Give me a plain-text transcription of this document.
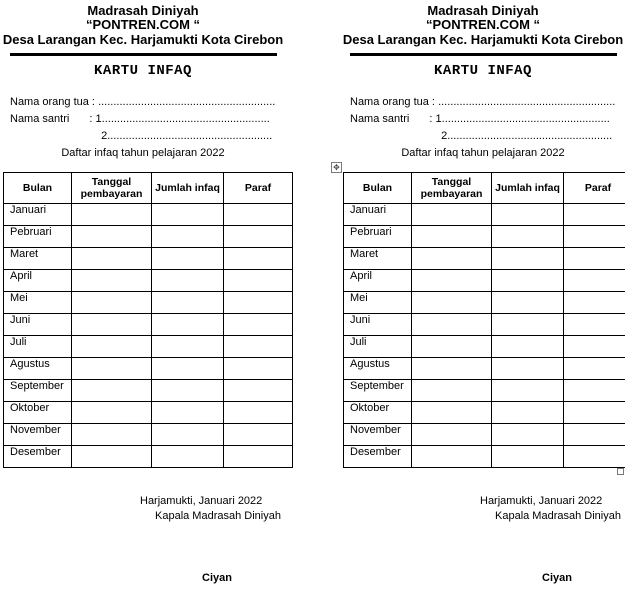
Madrasah Diniyah
“PONTREN.COM “
Desa Larangan Kec. Harjamukti Kota Cirebon
KARTU INFAQ
Nama orang tua : ..........................................................
Nama santri : 1.......................................................
2......................................................
Daftar infaq tahun pelajaran 2022
Bulan	Tanggal pembayaran	Jumlah infaq	Paraf
Januari			
Pebruari			
Maret			
April			
Mei			
Juni			
Juli			
Agustus			
September			
Oktober			
November			
Desember			
Harjamukti, Januari 2022
Kapala Madrasah Diniyah
Ciyan
Madrasah Diniyah
“PONTREN.COM “
Desa Larangan Kec. Harjamukti Kota Cirebon
KARTU INFAQ
Nama orang tua : ..........................................................
Nama santri : 1.......................................................
2......................................................
Daftar infaq tahun pelajaran 2022
Bulan	Tanggal pembayaran	Jumlah infaq	Paraf
Januari			
Pebruari			
Maret			
April			
Mei			
Juni			
Juli			
Agustus			
September			
Oktober			
November			
Desember			
Harjamukti, Januari 2022
Kapala Madrasah Diniyah
Ciyan
✥
